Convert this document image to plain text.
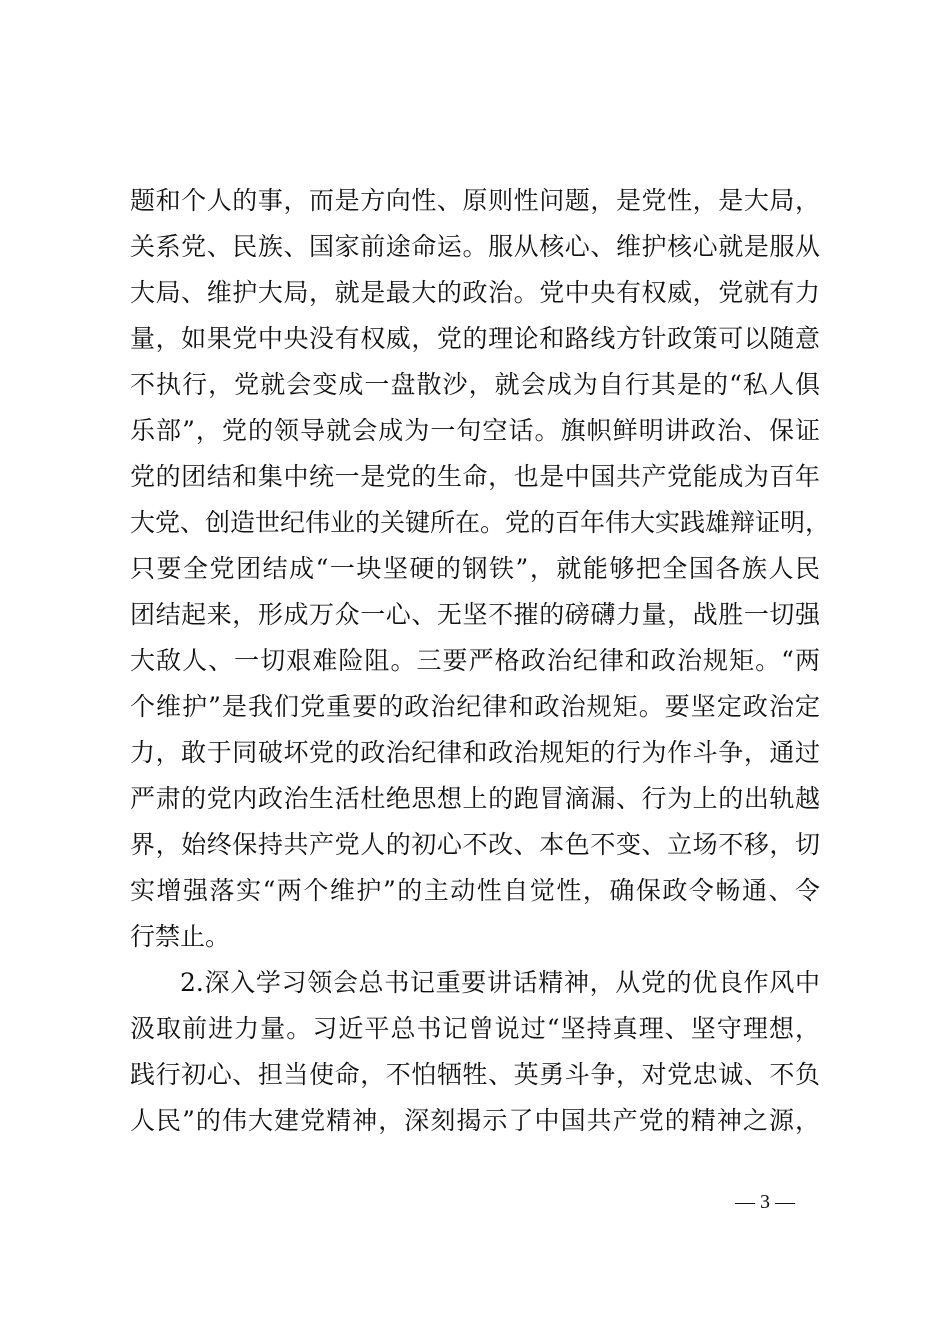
题和个人的事，而是方向性、原则性问题，是党性，是大局，
关系党、民族、国家前途命运。服从核心、维护核心就是服从
大局、维护大局，就是最大的政治。党中央有权威，党就有力
量，如果党中央没有权威，党的理论和路线方针政策可以随意
不执行，党就会变成一盘散沙，就会成为自行其是的“私人俱
乐部”，党的领导就会成为一句空话。旗帜鲜明讲政治、保证
党的团结和集中统一是党的生命，也是中国共产党能成为百年
大党、创造世纪伟业的关键所在。党的百年伟大实践雄辩证明，
只要全党团结成“一块坚硬的钢铁”，就能够把全国各族人民
团结起来，形成万众一心、无坚不摧的磅礴力量，战胜一切强
大敌人、一切艰难险阻。三要严格政治纪律和政治规矩。“两
个维护”是我们党重要的政治纪律和政治规矩。要坚定政治定
力，敢于同破坏党的政治纪律和政治规矩的行为作斗争，通过
严肃的党内政治生活杜绝思想上的跑冒滴漏、行为上的出轨越
界，始终保持共产党人的初心不改、本色不变、立场不移，切
实增强落实“两个维护”的主动性自觉性，确保政令畅通、令
行禁止。
2.深入学习领会总书记重要讲话精神，从党的优良作风中
汲取前进力量。习近平总书记曾说过“坚持真理、坚守理想，
践行初心、担当使命，不怕牺牲、英勇斗争，对党忠诚、不负
人民”的伟大建党精神，深刻揭示了中国共产党的精神之源，
— 3 —
